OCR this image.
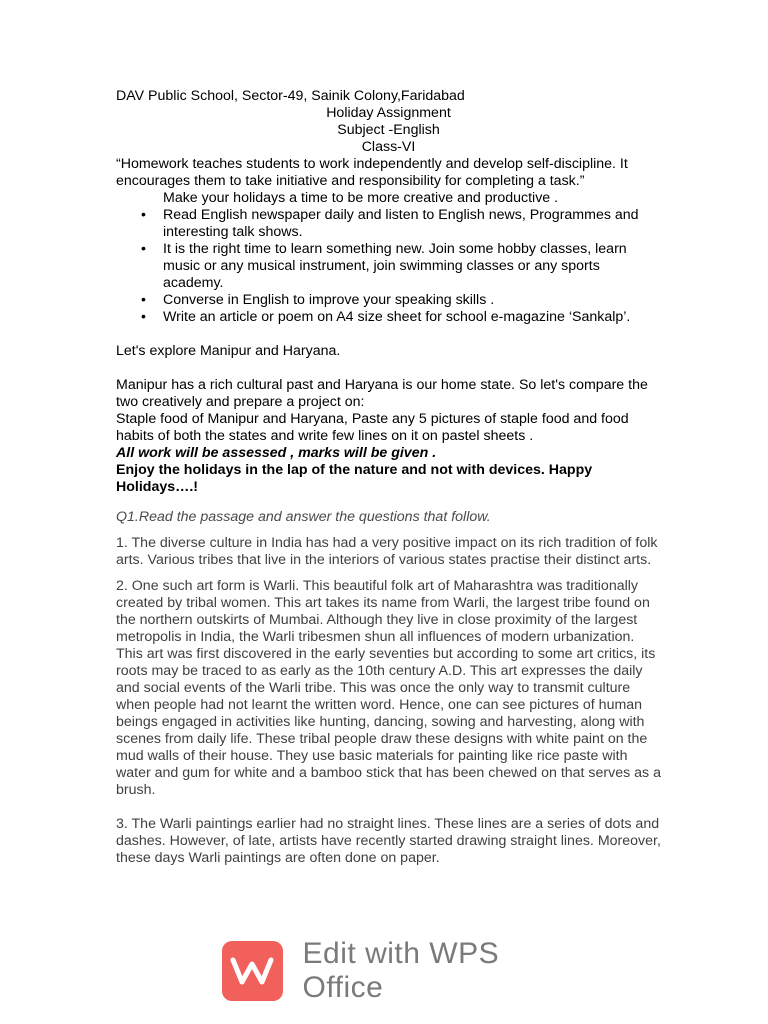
DAV Public School, Sector-49, Sainik Colony,Faridabad

Holiday Assignment

Subject -English

Class-VI

“Homework teaches students to work independently and develop self-discipline. It encourages them to take initiative and responsibility for completing a task.”

Make your holidays a time to be more creative and productive .

• Read English newspaper daily and listen to English news, Programmes and interesting talk shows.
• It is the right time to learn something new. Join some hobby classes, learn music or any musical instrument, join swimming classes or any sports academy.
• Converse in English to improve your speaking skills .
• Write an article or poem on A4 size sheet for school e-magazine ‘Sankalp’.

Let's explore Manipur and Haryana.

Manipur has a rich cultural past and Haryana is our home state. So let's compare the two creatively and prepare a project on:

Staple food of Manipur and Haryana, Paste any 5 pictures of staple food and food habits of both the states and write few lines on it on pastel sheets .

All work will be assessed , marks will be given .

Enjoy the holidays in the lap of the nature and not with devices. Happy Holidays….!

Q1.Read the passage and answer the questions that follow.

1. The diverse culture in India has had a very positive impact on its rich tradition of folk arts. Various tribes that live in the interiors of various states practise their distinct arts.

2. One such art form is Warli. This beautiful folk art of Maharashtra was traditionally created by tribal women. This art takes its name from Warli, the largest tribe found on the northern outskirts of Mumbai. Although they live in close proximity of the largest metropolis in India, the Warli tribesmen shun all influences of modern urbanization. This art was first discovered in the early seventies but according to some art critics, its roots may be traced to as early as the 10th century A.D. This art expresses the daily and social events of the Warli tribe. This was once the only way to transmit culture when people had not learnt the written word. Hence, one can see pictures of human beings engaged in activities like hunting, dancing, sowing and harvesting, along with scenes from daily life. These tribal people draw these designs with white paint on the mud walls of their house. They use basic materials for painting like rice paste with water and gum for white and a bamboo stick that has been chewed on that serves as a brush.

3. The Warli paintings earlier had no straight lines. These lines are a series of dots and dashes. However, of late, artists have recently started drawing straight lines. Moreover, these days Warli paintings are often done on paper.

Edit with WPS Office
